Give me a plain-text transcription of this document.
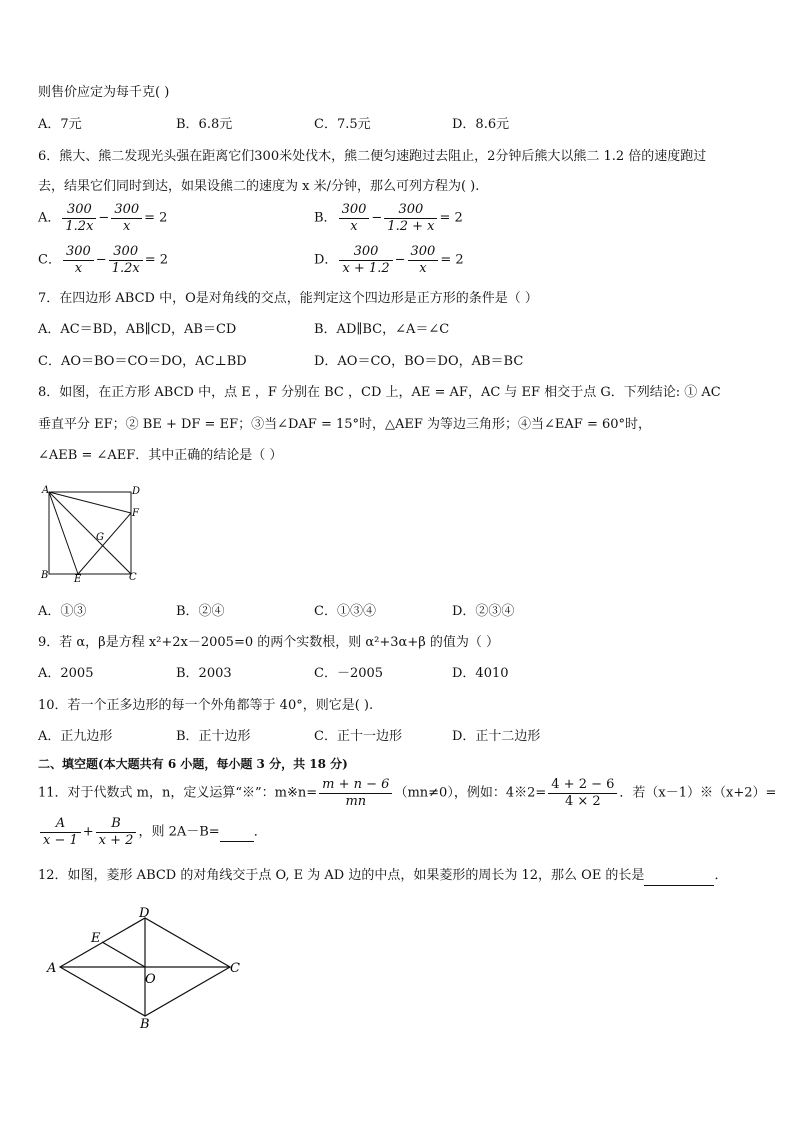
则售价应定为每千克( )
A．7元	B．6.8元	C．7.5元	D．8.6元
6．熊大、熊二发现光头强在距离它们300米处伐木，熊二便匀速跑过去阻止，2分钟后熊大以熊二 1.2 倍的速度跑过
去，结果它们同时到达，如果设熊二的速度为 x 米/分钟，那么可列方程为( ).
A． $\frac{300}{1.2x} - \frac{300}{x} = 2$	B． $\frac{300}{x} - \frac{300}{1.2 + x} = 2$
C． $\frac{300}{x} - \frac{300}{1.2x} = 2$	D． $\frac{300}{x + 1.2} - \frac{300}{x} = 2$
7．在四边形 ABCD 中，O是对角线的交点，能判定这个四边形是正方形的条件是（ ）
A．AC＝BD，AB∥CD，AB＝CD	B．AD∥BC，∠A＝∠C
C．AO＝BO＝CO＝DO，AC⊥BD	D．AO＝CO，BO＝DO，AB＝BC
8．如图，在正方形 ABCD 中，点 E ，F 分别在 BC ，CD 上，AE = AF，AC 与 EF 相交于点 G．下列结论: ① AC
垂直平分 EF；② BE + DF = EF；③当∠DAF = 15°时，△AEF 为等边三角形；④当∠EAF = 60°时，
∠AEB = ∠AEF．其中正确的结论是（ ）
A	D
F
G
B	E	C
A．①③	B．②④	C．①③④	D．②③④
9．若 α，β是方程 x²+2x－2005=0 的两个实数根，则 α²+3α+β 的值为（ ）
A．2005	B．2003	C．－2005	D．4010
10．若一个正多边形的每一个外角都等于 40°，则它是( ).
A．正九边形	B．正十边形	C．正十一边形	D．正十二边形
二、填空题(本大题共有 6 小题，每小题 3 分，共 18 分)
11．对于代数式 m，n，定义运算“※”：m※n= $\frac{m + n - 6}{mn} (mn\ne 0)$，例如：4※2= $\frac{4 + 2 - 6}{4 \times 2}$ ．若（x－1）※（x+2）=
$\frac{A}{x - 1} + \frac{B}{x + 2}$ ，则 2A－B=	．
12．如图，菱形 ABCD 的对角线交于点 O, E 为 AD 边的中点，如果菱形的周长为 12，那么 OE 的长是	．
D
E
A
O
C
B
